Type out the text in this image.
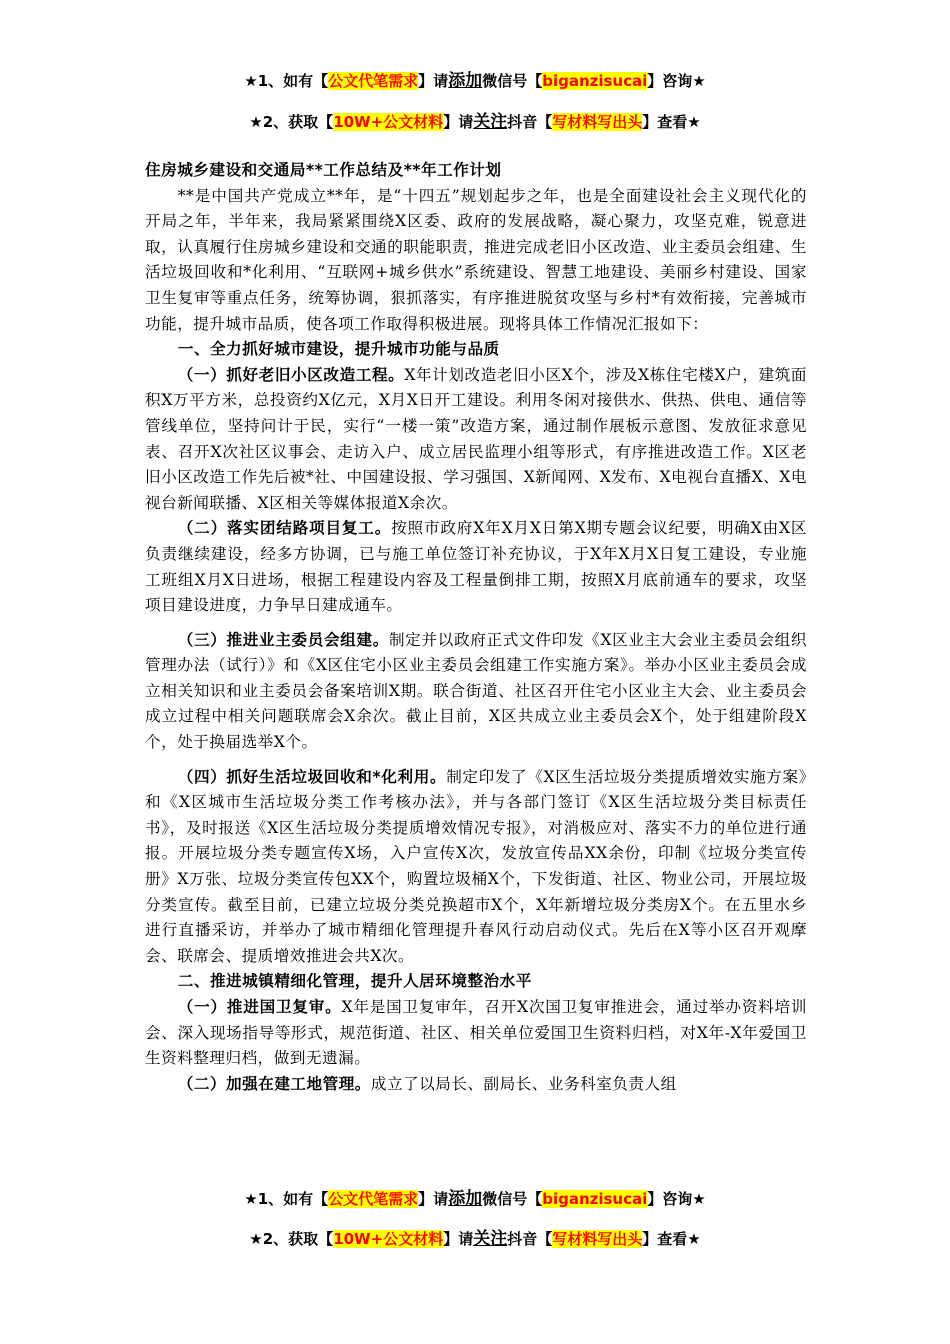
★1、如有【公文代笔需求】请添加微信号【biganzisucai】咨询★
★2、获取【10W+公文材料】请关注抖音【写材料写出头】查看★

住房城乡建设和交通局**工作总结及**年工作计划

**是中国共产党成立**年，是“十四五”规划起步之年，也是全面建设社会主义现代化的开局之年，半年来，我局紧紧围绕X区委、政府的发展战略，凝心聚力，攻坚克难，锐意进取，认真履行住房城乡建设和交通的职能职责，推进完成老旧小区改造、业主委员会组建、生活垃圾回收和*化利用、“互联网+城乡供水”系统建设、智慧工地建设、美丽乡村建设、国家卫生复审等重点任务，统筹协调，狠抓落实，有序推进脱贫攻坚与乡村*有效衔接，完善城市功能，提升城市品质，使各项工作取得积极进展。现将具体工作情况汇报如下：

一、全力抓好城市建设，提升城市功能与品质

（一）抓好老旧小区改造工程。X年计划改造老旧小区X个，涉及X栋住宅楼X户，建筑面积X万平方米，总投资约X亿元，X月X日开工建设。利用冬闲对接供水、供热、供电、通信等管线单位，坚持问计于民，实行“一楼一策”改造方案，通过制作展板示意图、发放征求意见表、召开X次社区议事会、走访入户、成立居民监理小组等形式，有序推进改造工作。X区老旧小区改造工作先后被*社、中国建设报、学习强国、X新闻网、X发布、X电视台直播X、X电视台新闻联播、X区相关等媒体报道X余次。

（二）落实团结路项目复工。按照市政府X年X月X日第X期专题会议纪要，明确X由X区负责继续建设，经多方协调，已与施工单位签订补充协议，于X年X月X日复工建设，专业施工班组X月X日进场，根据工程建设内容及工程量倒排工期，按照X月底前通车的要求，攻坚项目建设进度，力争早日建成通车。

（三）推进业主委员会组建。制定并以政府正式文件印发《X区业主大会业主委员会组织管理办法（试行）》和《X区住宅小区业主委员会组建工作实施方案》。举办小区业主委员会成立相关知识和业主委员会备案培训X期。联合街道、社区召开住宅小区业主大会、业主委员会成立过程中相关问题联席会X余次。截止目前，X区共成立业主委员会X个，处于组建阶段X个，处于换届选举X个。

（四）抓好生活垃圾回收和*化利用。制定印发了《X区生活垃圾分类提质增效实施方案》和《X区城市生活垃圾分类工作考核办法》，并与各部门签订《X区生活垃圾分类目标责任书》，及时报送《X区生活垃圾分类提质增效情况专报》，对消极应对、落实不力的单位进行通报。开展垃圾分类专题宣传X场，入户宣传X次，发放宣传品XX余份，印制《垃圾分类宣传册》X万张、垃圾分类宣传包XX个，购置垃圾桶X个，下发街道、社区、物业公司，开展垃圾分类宣传。截至目前，已建立垃圾分类兑换超市X个，X年新增垃圾分类房X个。在五里水乡进行直播采访，并举办了城市精细化管理提升春风行动启动仪式。先后在X等小区召开观摩会、联席会、提质增效推进会共X次。

二、推进城镇精细化管理，提升人居环境整治水平

（一）推进国卫复审。X年是国卫复审年，召开X次国卫复审推进会，通过举办资料培训会、深入现场指导等形式，规范街道、社区、相关单位爱国卫生资料归档，对X年-X年爱国卫生资料整理归档，做到无遗漏。

（二）加强在建工地管理。成立了以局长、副局长、业务科室负责人组

★1、如有【公文代笔需求】请添加微信号【biganzisucai】咨询★
★2、获取【10W+公文材料】请关注抖音【写材料写出头】查看★
